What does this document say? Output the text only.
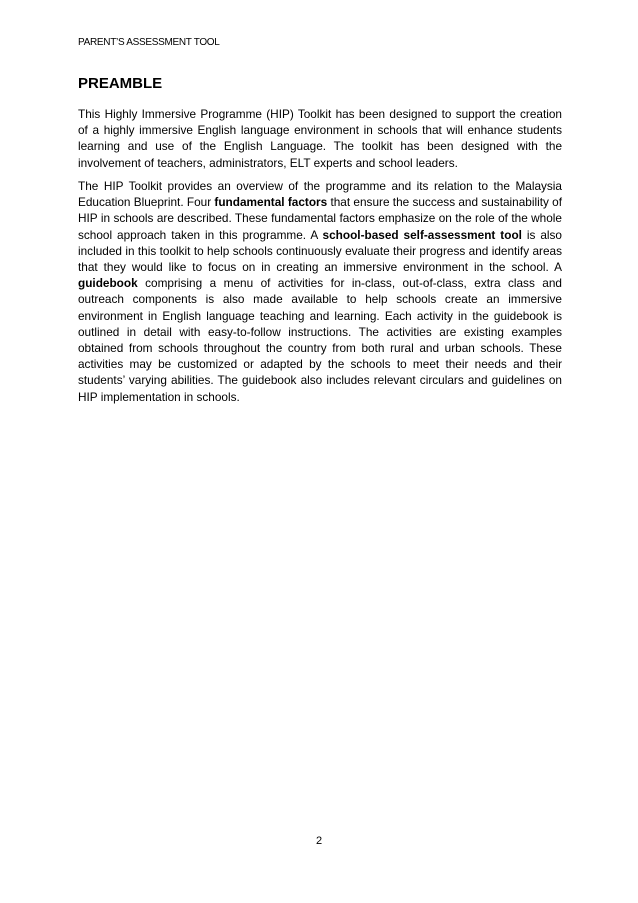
PARENT’S ASSESSMENT TOOL
PREAMBLE

This Highly Immersive Programme (HIP) Toolkit has been designed to support the creation of a highly immersive English language environment in schools that will enhance students learning and use of the English Language. The toolkit has been designed with the involvement of teachers, administrators, ELT experts and school leaders.

The HIP Toolkit provides an overview of the programme and its relation to the Malaysia Education Blueprint. Four fundamental factors that ensure the success and sustainability of HIP in schools are described. These fundamental factors emphasize on the role of the whole school approach taken in this programme. A school-based self-assessment tool is also included in this toolkit to help schools continuously evaluate their progress and identify areas that they would like to focus on in creating an immersive environment in the school. A guidebook comprising a menu of activities for in-class, out-of-class, extra class and outreach components is also made available to help schools create an immersive environment in English language teaching and learning. Each activity in the guidebook is outlined in detail with easy-to-follow instructions. The activities are existing examples obtained from schools throughout the country from both rural and urban schools. These activities may be customized or adapted by the schools to meet their needs and their students’ varying abilities. The guidebook also includes relevant circulars and guidelines on HIP implementation in schools.

2
